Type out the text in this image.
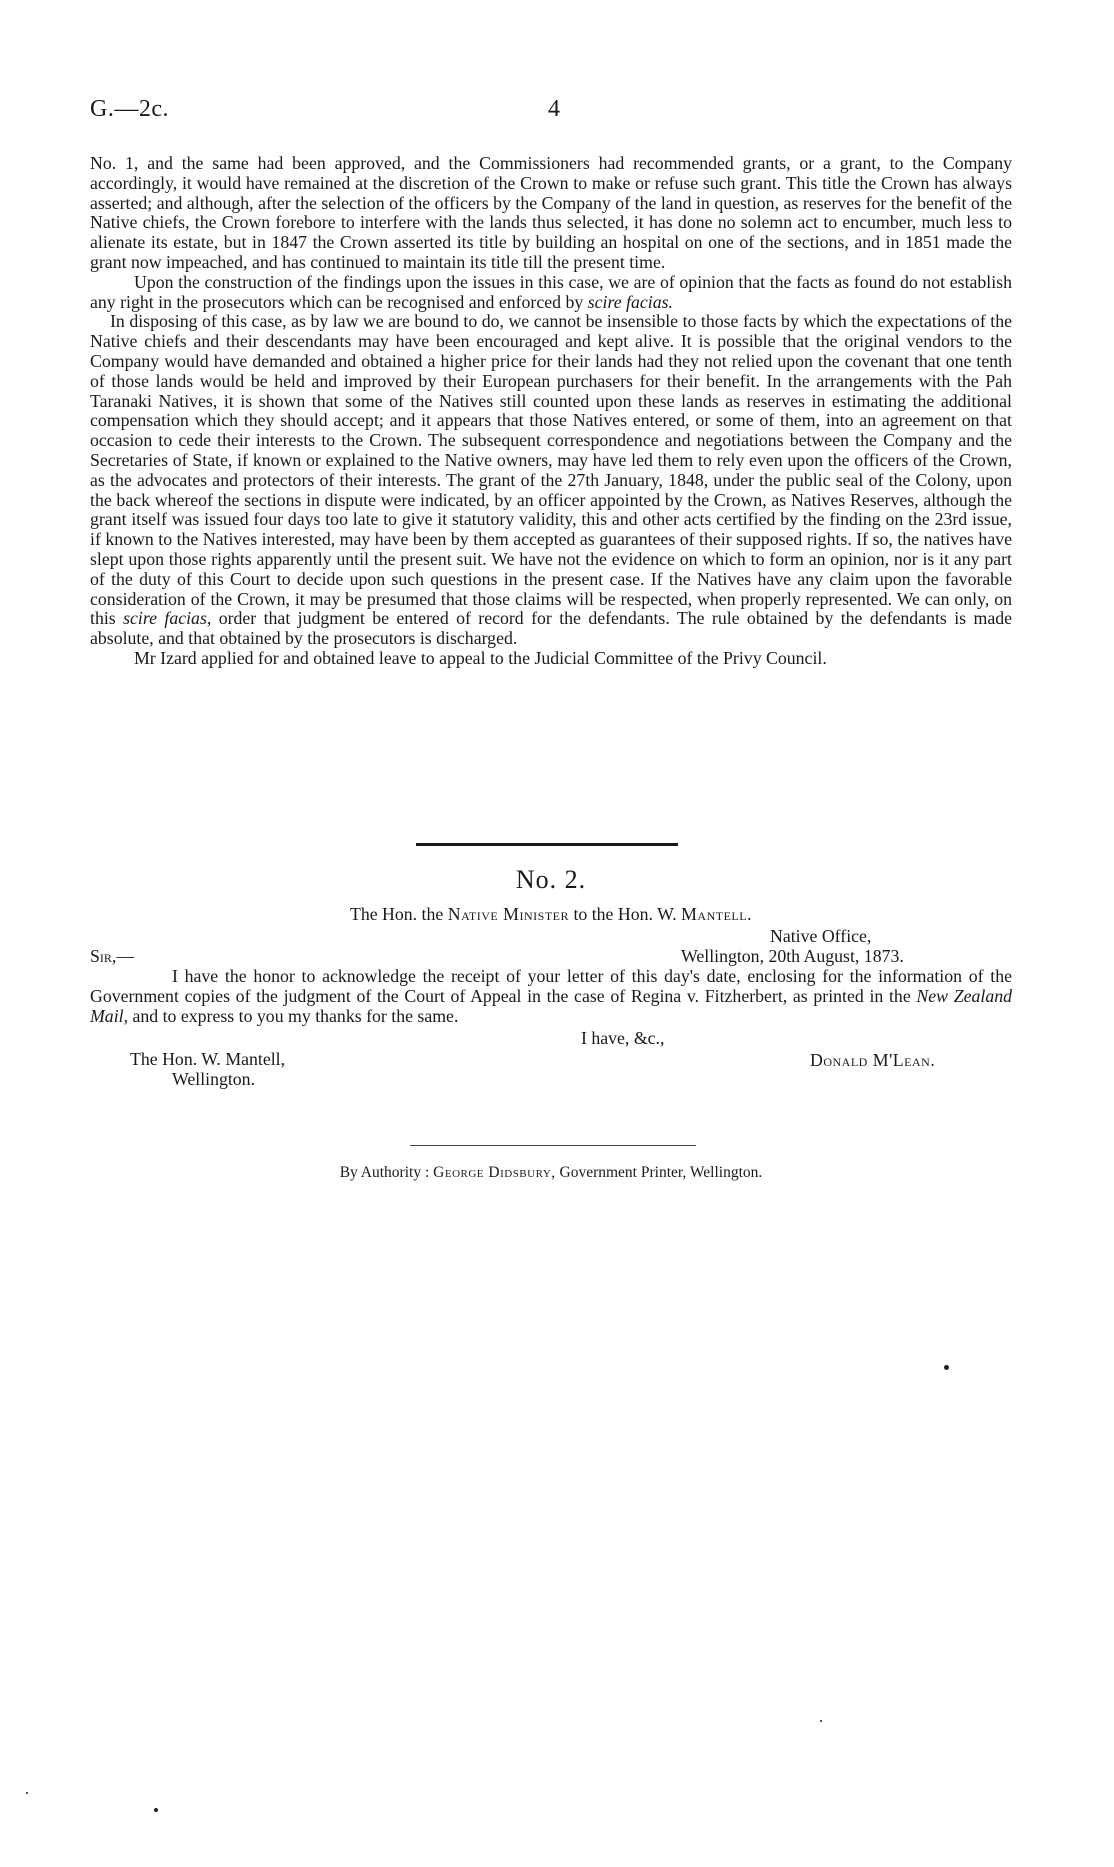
G.—2c.	4

No. 1, and the same had been approved, and the Commissioners had recommended grants, or a grant, to the Company accordingly, it would have remained at the discretion of the Crown to make or refuse such grant. This title the Crown has always asserted; and although, after the selection of the officers by the Company of the land in question, as reserves for the benefit of the Native chiefs, the Crown forebore to interfere with the lands thus selected, it has done no solemn act to encumber, much less to alienate its estate, but in 1847 the Crown asserted its title by building an hospital on one of the sections, and in 1851 made the grant now impeached, and has continued to maintain its title till the present time.

Upon the construction of the findings upon the issues in this case, we are of opinion that the facts as found do not establish any right in the prosecutors which can be recognised and enforced by scire facias.

In disposing of this case, as by law we are bound to do, we cannot be insensible to those facts by which the expectations of the Native chiefs and their descendants may have been encouraged and kept alive. It is possible that the original vendors to the Company would have demanded and obtained a higher price for their lands had they not relied upon the covenant that one tenth of those lands would be held and improved by their European purchasers for their benefit. In the arrangements with the Pah Taranaki Natives, it is shown that some of the Natives still counted upon these lands as reserves in estimating the additional compensation which they should accept; and it appears that those Natives entered, or some of them, into an agreement on that occasion to cede their interests to the Crown. The subsequent correspondence and negotiations between the Company and the Secretaries of State, if known or explained to the Native owners, may have led them to rely even upon the officers of the Crown, as the advocates and protectors of their interests. The grant of the 27th January, 1848, under the public seal of the Colony, upon the back whereof the sections in dispute were indicated, by an officer appointed by the Crown, as Natives Reserves, although the grant itself was issued four days too late to give it statutory validity, this and other acts certified by the finding on the 23rd issue, if known to the Natives interested, may have been by them accepted as guarantees of their supposed rights. If so, the natives have slept upon those rights apparently until the present suit. We have not the evidence on which to form an opinion, nor is it any part of the duty of this Court to decide upon such questions in the present case. If the Natives have any claim upon the favorable consideration of the Crown, it may be presumed that those claims will be respected, when properly represented. We can only, on this scire facias, order that judgment be entered of record for the defendants. The rule obtained by the defendants is made absolute, and that obtained by the prosecutors is discharged.

Mr Izard applied for and obtained leave to appeal to the Judicial Committee of the Privy Council.

No. 2.
The Hon. the Native Minister to the Hon. W. Mantell.
Native Office,
Sir,—	Wellington, 20th August, 1873.

I have the honor to acknowledge the receipt of your letter of this day's date, enclosing for the information of the Government copies of the judgment of the Court of Appeal in the case of Regina v. Fitzherbert, as printed in the New Zealand Mail, and to express to you my thanks for the same.

I have, &c.,
The Hon. W. Mantell,
Wellington.
Donald M'Lean.
By Authority : George Didsbury, Government Printer, Wellington.
